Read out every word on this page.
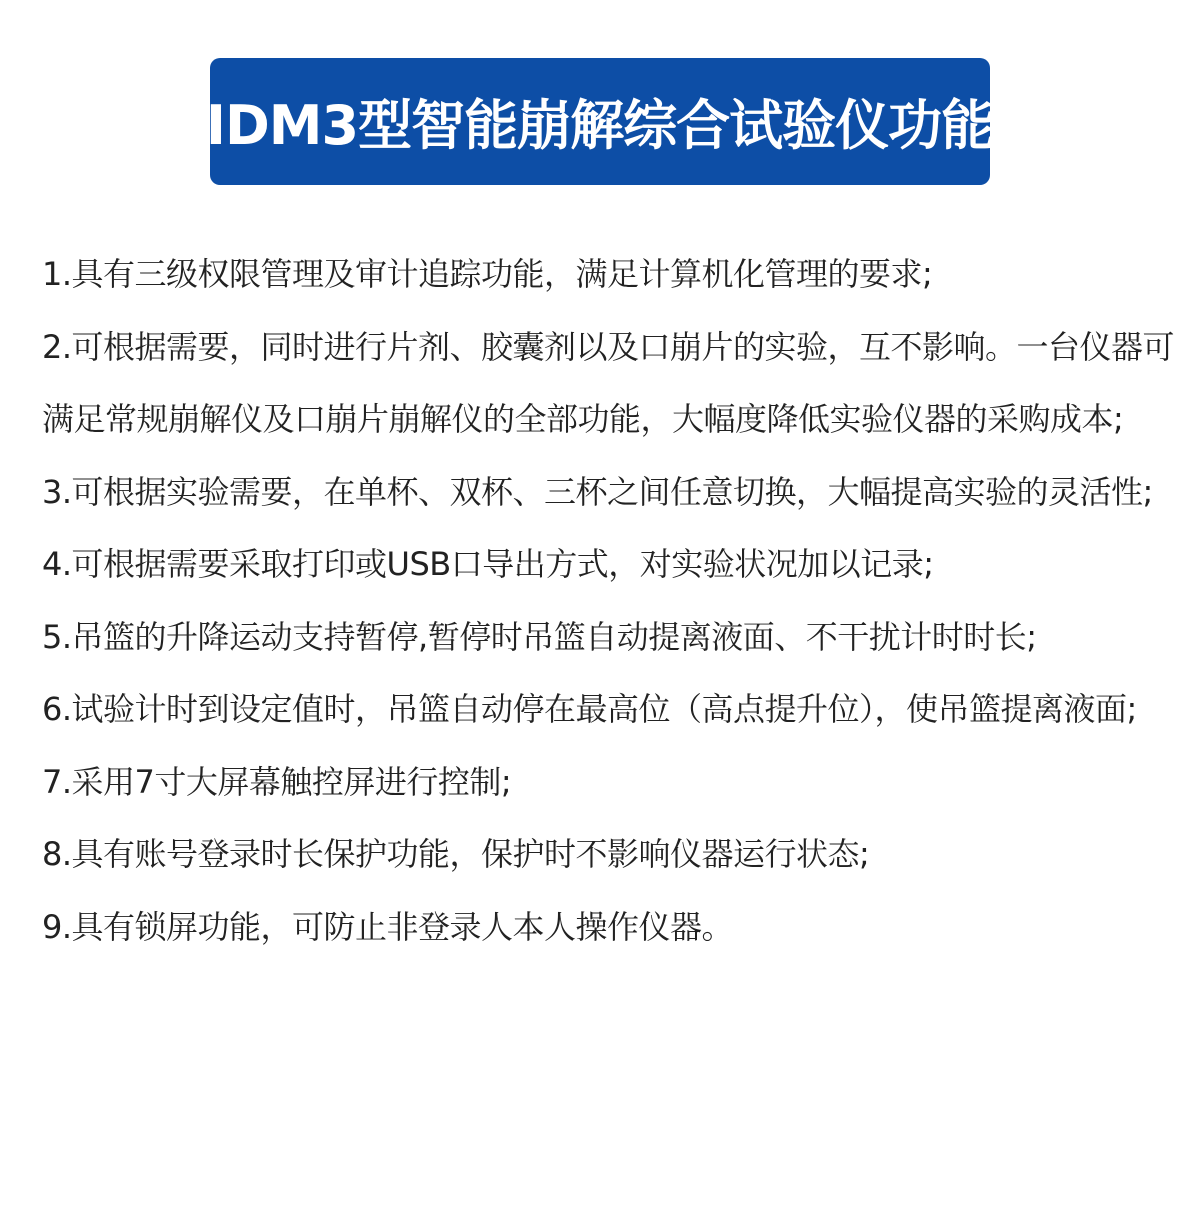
IDM3型智能崩解综合试验仪功能
1.具有三级权限管理及审计追踪功能，满足计算机化管理的要求;
2.可根据需要，同时进行片剂、胶囊剂以及口崩片的实验，互不影响。一台仪器可满足常规崩解仪及口崩片崩解仪的全部功能，大幅度降低实验仪器的采购成本;
3.可根据实验需要，在单杯、双杯、三杯之间任意切换，大幅提高实验的灵活性;
4.可根据需要采取打印或USB口导出方式，对实验状况加以记录;
5.吊篮的升降运动支持暂停,暂停时吊篮自动提离液面、不干扰计时时长;
6.试验计时到设定值时，吊篮自动停在最高位（高点提升位），使吊篮提离液面;
7.采用7寸大屏幕触控屏进行控制;
8.具有账号登录时长保护功能，保护时不影响仪器运行状态;
9.具有锁屏功能，可防止非登录人本人操作仪器。
